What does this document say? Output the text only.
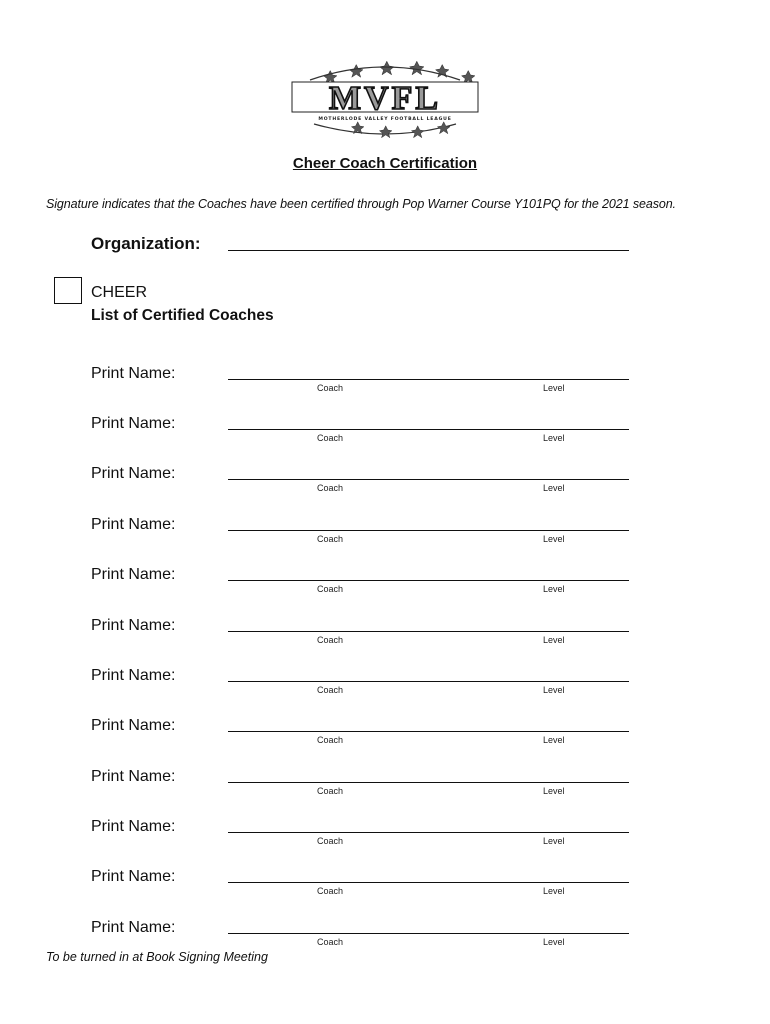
MVFL
MOTHERLODE VALLEY FOOTBALL LEAGUE
Cheer Coach Certification
Signature indicates that the Coaches have been certified through Pop Warner Course Y101PQ for the 2021 season.
Organization:
CHEER
List of Certified Coaches
Print Name:
Coach	Level
Print Name:
Coach	Level
Print Name:
Coach	Level
Print Name:
Coach	Level
Print Name:
Coach	Level
Print Name:
Coach	Level
Print Name:
Coach	Level
Print Name:
Coach	Level
Print Name:
Coach	Level
Print Name:
Coach	Level
Print Name:
Coach	Level
Print Name:
Coach	Level
To be turned in at Book Signing Meeting
